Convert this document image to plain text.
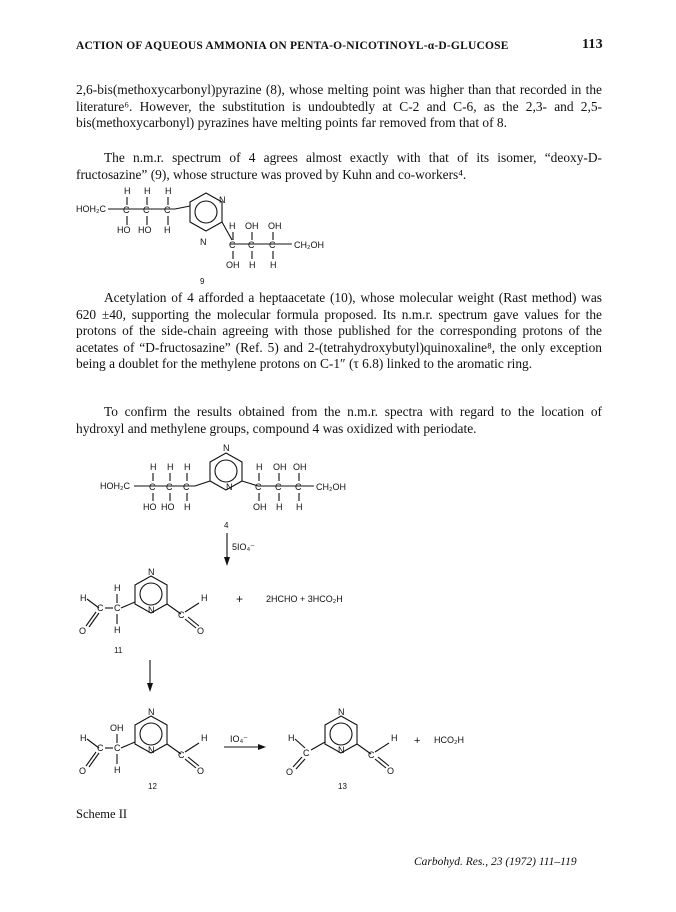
ACTION OF AQUEOUS AMMONIA ON PENTA-O-NICOTINOYL-α-D-GLUCOSE	113

2,6-bis(methoxycarbonyl)pyrazine (8), whose melting point was higher than that recorded in the literature⁶. However, the substitution is undoubtedly at C-2 and C-6, as the 2,3- and 2,5-bis(methoxycarbonyl) pyrazines have melting points far removed from that of 8.

The n.m.r. spectrum of 4 agrees almost exactly with that of its isomer, “deoxy-D-fructosazine” (9), whose structure was proved by Kuhn and co-workers⁴.

Acetylation of 4 afforded a heptaacetate (10), whose molecular weight (Rast method) was 620 ±40, supporting the molecular formula proposed. Its n.m.r. spectrum gave values for the protons of the side-chain agreeing with those published for the corresponding protons of the acetates of “D-fructosazine” (Ref. 5) and 2-(tetrahydroxybutyl)quinoxaline⁸, the only exception being a doublet for the methylene protons on C-1″ (τ 6.8) linked to the aromatic ring.

To confirm the results obtained from the n.m.r. spectra with regard to the location of hydroxyl and methylene groups, compound 4 was oxidized with periodate.

H H H
HOH₂C C C C
HO HO H
N
N
H OH OH
C C C CH₂OH
OH H H
9
H H H
HOH₂C C C C
HO HO H
N
N
H OH OH
C C C CH₂OH
OH H H
4
5IO₄⁻
H
H
C C
O	H
N
N	C
H
O
11
+	2HCHO + 3HCO₂H
H
OH
C C
O	H
N
N	C
H
O
12
IO₄⁻	H
C
O
N
N	C
H
O
13
+ HCO₂H
Scheme II
Carbohyd. Res., 23 (1972) 111–119
